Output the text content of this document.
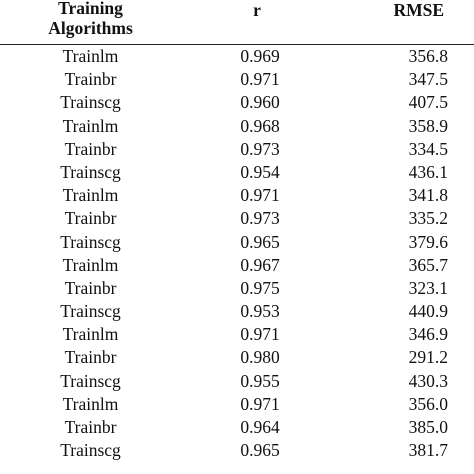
Training
Algorithms	r	RMSE
Trainlm	0.969	356.8
Trainbr	0.971	347.5
Trainscg	0.960	407.5
Trainlm	0.968	358.9
Trainbr	0.973	334.5
Trainscg	0.954	436.1
Trainlm	0.971	341.8
Trainbr	0.973	335.2
Trainscg	0.965	379.6
Trainlm	0.967	365.7
Trainbr	0.975	323.1
Trainscg	0.953	440.9
Trainlm	0.971	346.9
Trainbr	0.980	291.2
Trainscg	0.955	430.3
Trainlm	0.971	356.0
Trainbr	0.964	385.0
Trainscg	0.965	381.7
